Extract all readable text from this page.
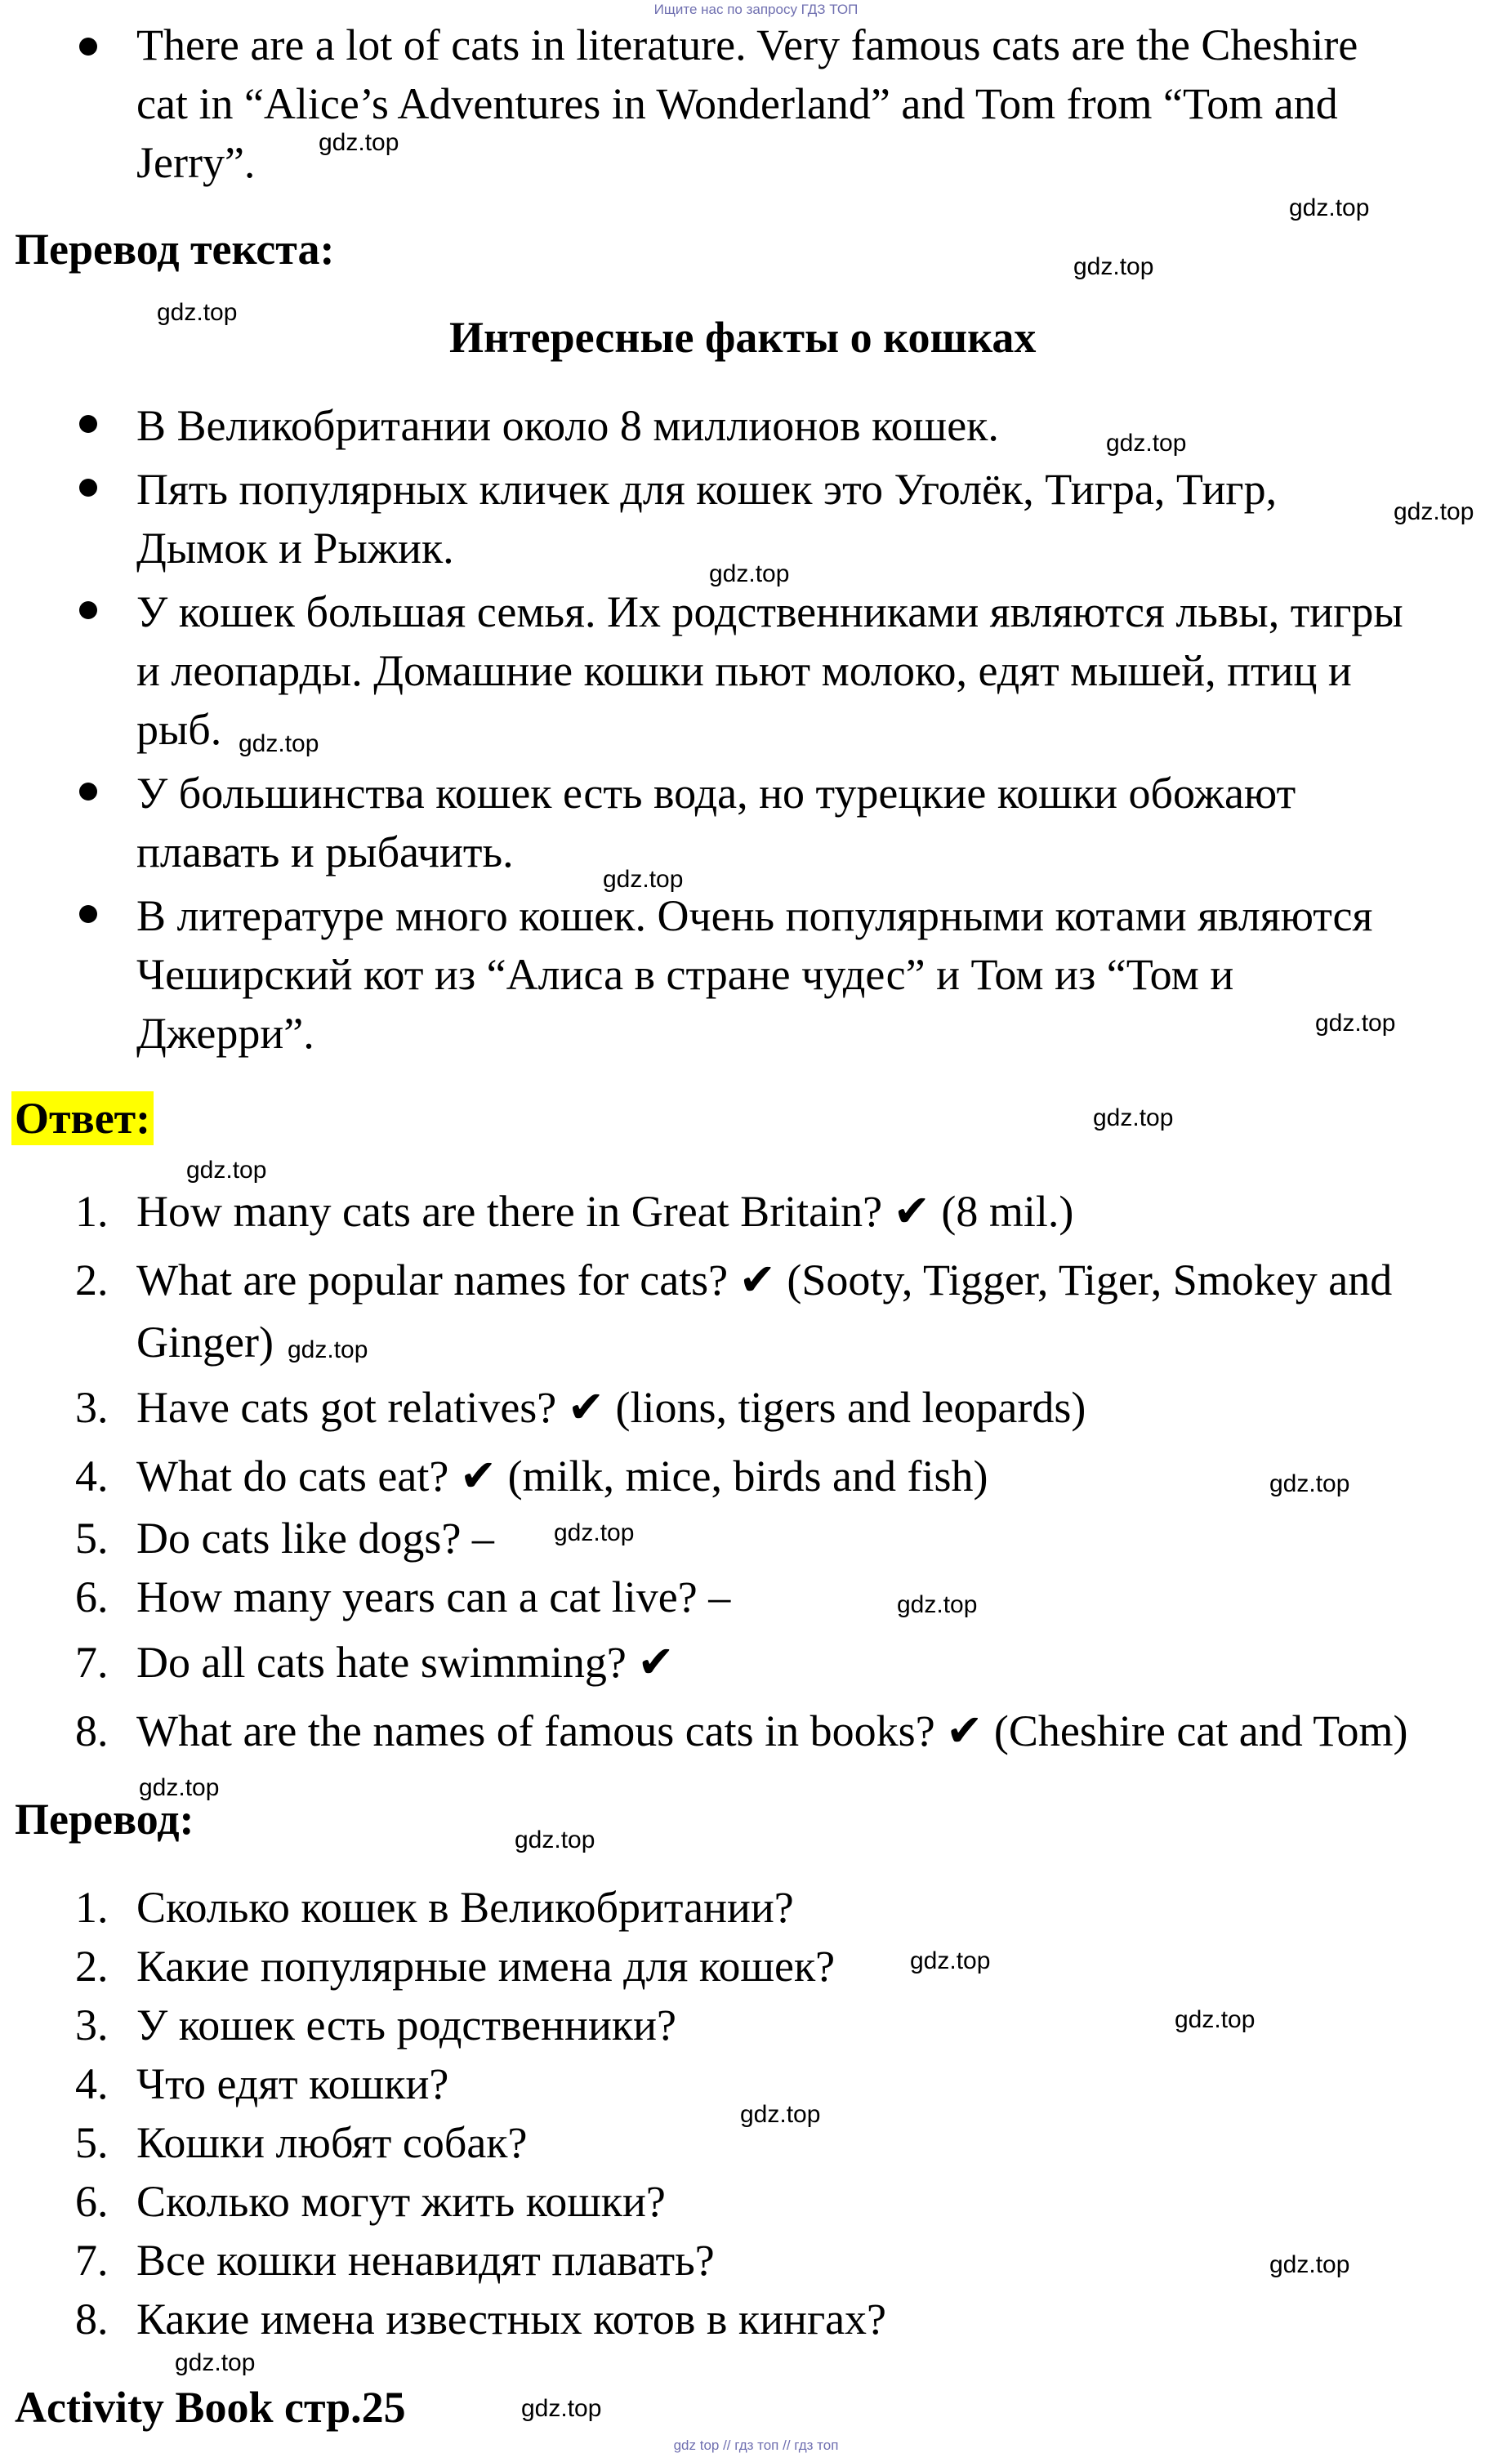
Ищите нас по запросу ГДЗ ТОП
There are a lot of cats in literature. Very famous cats are the Cheshire
cat in “Alice’s Adventures in Wonderland” and Tom from “Tom and
Jerry”.
Перевод текста:
Интересные факты о кошках
В Великобритании около 8 миллионов кошек.
Пять популярных кличек для кошек это Уголёк, Тигра, Тигр,
Дымок и Рыжик.
У кошек большая семья. Их родственниками являются львы, тигры
и леопарды. Домашние кошки пьют молоко, едят мышей, птиц и
рыб.
У большинства кошек есть вода, но турецкие кошки обожают
плавать и рыбачить.
В литературе много кошек. Очень популярными котами являются
Чеширский кот из “Алиса в стране чудес” и Том из “Том и
Джерри”.
Ответ:
1. How many cats are there in Great Britain? ✔ (8 mil.)
2. What are popular names for cats? ✔ (Sooty, Tigger, Tiger, Smokey and
Ginger)
3. Have cats got relatives? ✔ (lions, tigers and leopards)
4. What do cats eat? ✔ (milk, mice, birds and fish)
5. Do cats like dogs? –
6. How many years can a cat live? –
7. Do all cats hate swimming? ✔
8. What are the names of famous cats in books? ✔ (Cheshire cat and Tom)
Перевод:
1. Сколько кошек в Великобритании?
2. Какие популярные имена для кошек?
3. У кошек есть родственники?
4. Что едят кошки?
5. Кошки любят собак?
6. Сколько могут жить кошки?
7. Все кошки ненавидят плавать?
8. Какие имена известных котов в кингах?
Activity Book стр.25
gdz.top
gdz.top
gdz.top
gdz.top
gdz.top
gdz.top
gdz.top
gdz.top
gdz.top
gdz.top
gdz.top
gdz.top
gdz.top
gdz.top
gdz.top
gdz.top
gdz.top
gdz.top
gdz.top
gdz.top
gdz.top
gdz.top
gdz.top
gdz.top
gdz top // гдз топ // гдз топ
